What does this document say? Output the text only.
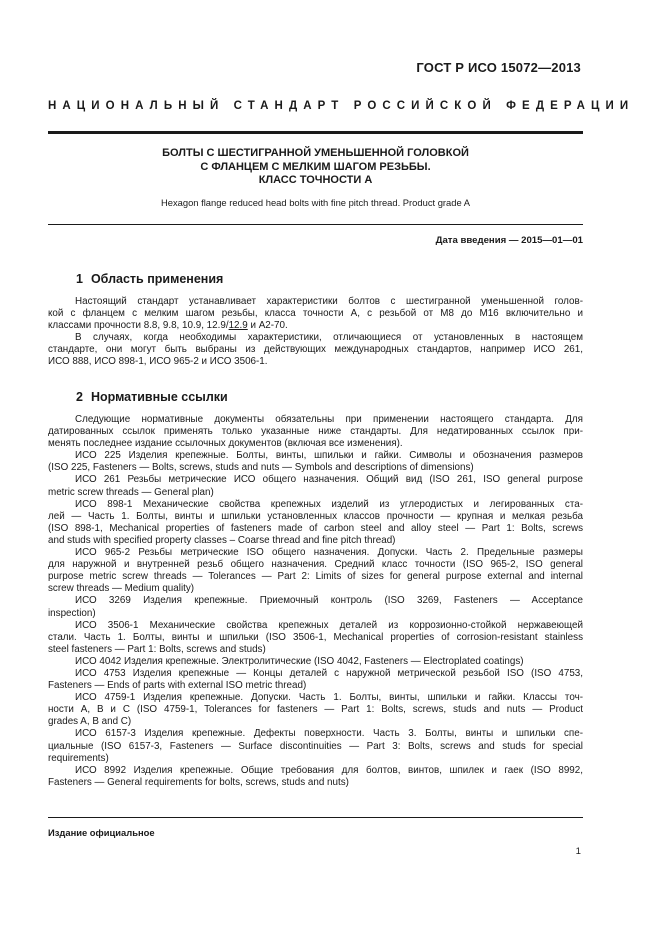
ГОСТ Р ИСО 15072—2013
НАЦИОНАЛЬНЫЙ СТАНДАРТ РОССИЙСКОЙ ФЕДЕРАЦИИ
БОЛТЫ С ШЕСТИГРАННОЙ УМЕНЬШЕННОЙ ГОЛОВКОЙ
С ФЛАНЦЕМ С МЕЛКИМ ШАГОМ РЕЗЬБЫ.
КЛАСС ТОЧНОСТИ А
Hexagon flange reduced head bolts with fine pitch thread. Product grade A
Дата введения — 2015—01—01
1 Область применения
Настоящий стандарт устанавливает характеристики болтов с шестигранной уменьшенной голов-
кой с фланцем с мелким шагом резьбы, класса точности А, с резьбой от М8 до М16 включительно и
классами прочности 8.8, 9.8, 10.9, 12.9/12.9 и А2-70.
В случаях, когда необходимы характеристики, отличающиеся от установленных в настоящем
стандарте, они могут быть выбраны из действующих международных стандартов, например ИСО 261,
ИСО 888, ИСО 898-1, ИСО 965-2 и ИСО 3506-1.
2 Нормативные ссылки
Следующие нормативные документы обязательны при применении настоящего стандарта. Для
датированных ссылок применять только указанные ниже стандарты. Для недатированных ссылок при-
менять последнее издание ссылочных документов (включая все изменения).
ИСО 225 Изделия крепежные. Болты, винты, шпильки и гайки. Символы и обозначения размеров
(ISO 225, Fasteners — Bolts, screws, studs and nuts — Symbols and descriptions of dimensions)
ИСО 261 Резьбы метрические ИСО общего назначения. Общий вид (ISO 261, ISO general purpose
metric screw threads — General plan)
ИСО 898-1 Механические свойства крепежных изделий из углеродистых и легированных ста-
лей — Часть 1. Болты, винты и шпильки установленных классов прочности — крупная и мелкая резьба
(ISO 898-1, Mechanical properties of fasteners made of carbon steel and alloy steel — Part 1: Bolts, screws
and studs with specified property classes – Coarse thread and fine pitch thread)
ИСО 965-2 Резьбы метрические ISO общего назначения. Допуски. Часть 2. Предельные размеры
для наружной и внутренней резьб общего назначения. Средний класс точности (ISO 965-2, ISO general
purpose metric screw threads — Tolerances — Part 2: Limits of sizes for general purpose external and internal
screw threads — Medium quality)
ИСО 3269 Изделия крепежные. Приемочный контроль (ISO 3269, Fasteners — Acceptance
inspection)
ИСО 3506-1 Механические свойства крепежных деталей из коррозионно-стойкой нержавеющей
стали. Часть 1. Болты, винты и шпильки (ISO 3506-1, Mechanical properties of corrosion-resistant stainless
steel fasteners — Part 1: Bolts, screws and studs)
ИСО 4042 Изделия крепежные. Электролитические (ISO 4042, Fasteners — Electroplated coatings)
ИСО 4753 Изделия крепежные — Концы деталей с наружной метрической резьбой ISO (ISO 4753,
Fasteners — Ends of parts with external ISO metric thread)
ИСО 4759-1 Изделия крепежные. Допуски. Часть 1. Болты, винты, шпильки и гайки. Классы точ-
ности А, В и С (ISO 4759-1, Tolerances for fasteners — Part 1: Bolts, screws, studs and nuts — Product
grades A, B and C)
ИСО 6157-3 Изделия крепежные. Дефекты поверхности. Часть 3. Болты, винты и шпильки спе-
циальные (ISO 6157-3, Fasteners — Surface discontinuities — Part 3: Bolts, screws and studs for special
requirements)
ИСО 8992 Изделия крепежные. Общие требования для болтов, винтов, шпилек и гаек (ISO 8992,
Fasteners — General requirements for bolts, screws, studs and nuts)
Издание официальное
1
